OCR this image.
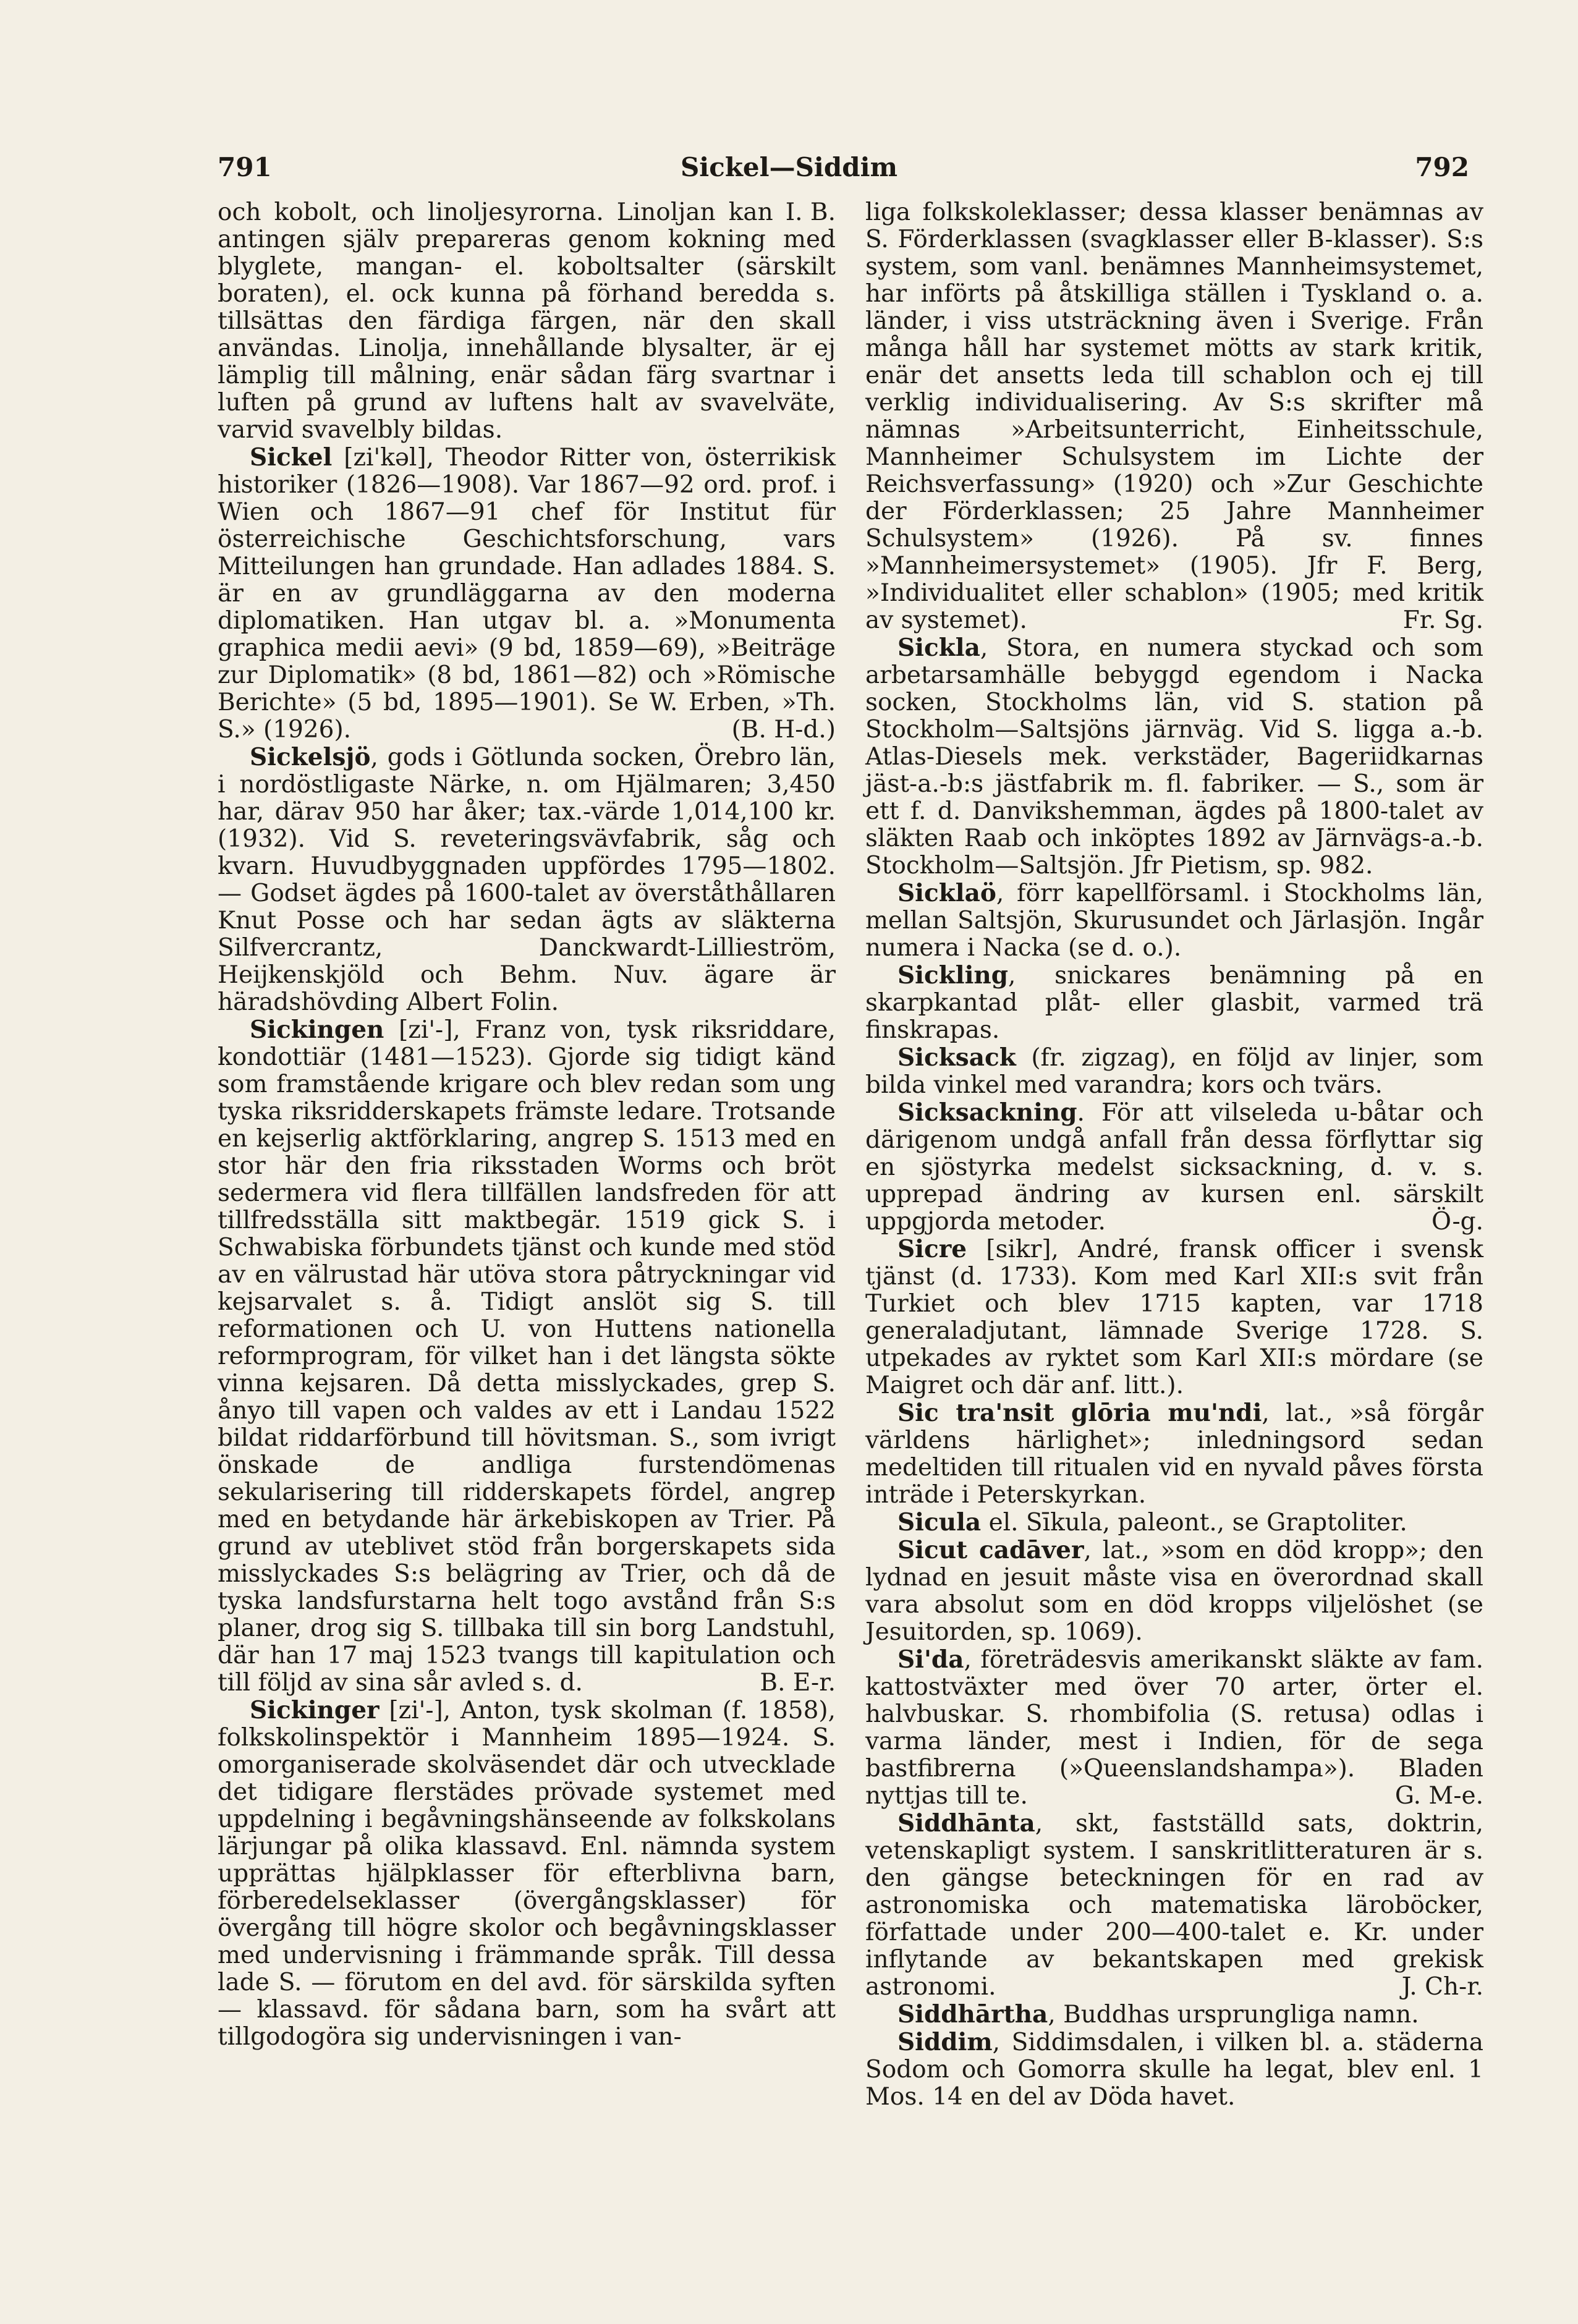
791	Sickel—Siddim	792

I. B.
och kobolt, och linoljesyrorna. Linoljan kan antingen själv prepareras genom kokning med blyglete, mangan- el. koboltsalter (särskilt boraten), el. ock kunna på förhand beredda s. tillsättas den färdiga färgen, när den skall användas. Linolja, innehållande blysalter, är ej lämplig till målning, enär sådan färg svartnar i luften på grund av luftens halt av svavelväte, varvid svavelbly bildas.

Sickel [zi'kəl], Theodor Ritter von, österrikisk historiker (1826—1908). Var 1867—92 ord. prof. i Wien och 1867—91 chef för Institut für österreichische Geschichtsforschung, vars Mitteilungen han grundade. Han adlades 1884. S. är en av grundläggarna av den moderna diplomatiken. Han utgav bl. a. »Monumenta graphica medii aevi» (9 bd, 1859—69), »Beiträge zur Diplomatik» (8 bd, 1861—82) och »Römische Berichte» (5 bd, 1895—1901). Se W. Erben, »Th. S.» (1926).	(B. H-d.)

Sickelsjö, gods i Götlunda socken, Örebro län, i nordöstligaste Närke, n. om Hjälmaren; 3,450 har, därav 950 har åker; tax.-värde 1,014,100 kr. (1932). Vid S. reveteringsvävfabrik, såg och kvarn. Huvudbyggnaden uppfördes 1795—1802. — Godset ägdes på 1600-talet av överståthållaren Knut Posse och har sedan ägts av släkterna Silfvercrantz, Danckwardt-Lillieström, Heijkenskjöld och Behm. Nuv. ägare är häradshövding Albert Folin.

Sickingen [zi'-], Franz von, tysk riksriddare, kondottiär (1481—1523). Gjorde sig tidigt känd som framstående krigare och blev redan som ung tyska riksridderskapets främste ledare. Trotsande en kejserlig aktförklaring, angrep S. 1513 med en stor här den fria riksstaden Worms och bröt sedermera vid flera tillfällen landsfreden för att tillfredsställa sitt maktbegär. 1519 gick S. i Schwabiska förbundets tjänst och kunde med stöd av en välrustad här utöva stora påtryckningar vid kejsarvalet s. å. Tidigt anslöt sig S. till reformationen och U. von Huttens nationella reformprogram, för vilket han i det längsta sökte vinna kejsaren. Då detta misslyckades, grep S. ånyo till vapen och valdes av ett i Landau 1522 bildat riddarförbund till hövitsman. S., som ivrigt önskade de andliga furstendömenas sekularisering till ridderskapets fördel, angrep med en betydande här ärkebiskopen av Trier. På grund av uteblivet stöd från borgerskapets sida misslyckades S:s belägring av Trier, och då de tyska landsfurstarna helt togo avstånd från S:s planer, drog sig S. tillbaka till sin borg Landstuhl, där han 17 maj 1523 tvangs till kapitulation och till följd av sina sår avled s. d.	B. E-r.

Sickinger [zi'-], Anton, tysk skolman (f. 1858), folkskolinspektör i Mannheim 1895—1924. S. omorganiserade skolväsendet där och utvecklade det tidigare flerstädes prövade systemet med uppdelning i begåvningshänseende av folkskolans lärjungar på olika klassavd. Enl. nämnda system upprättas hjälpklasser för efterblivna barn, förberedelseklasser (övergångsklasser) för övergång till högre skolor och begåvningsklasser med undervisning i främmande språk. Till dessa lade S. — förutom en del avd. för särskilda syften — klassavd. för sådana barn, som ha svårt att tillgodogöra sig undervisningen i van-

liga folkskoleklasser; dessa klasser benämnas av S. Förderklassen (svagklasser eller B-klasser). S:s system, som vanl. benämnes Mannheimsystemet, har införts på åtskilliga ställen i Tyskland o. a. länder, i viss utsträckning även i Sverige. Från många håll har systemet mötts av stark kritik, enär det ansetts leda till schablon och ej till verklig individualisering. Av S:s skrifter må nämnas »Arbeitsunterricht, Einheitsschule, Mannheimer Schulsystem im Lichte der Reichsverfassung» (1920) och »Zur Geschichte der Förderklassen; 25 Jahre Mannheimer Schulsystem» (1926). På sv. finnes »Mannheimersystemet» (1905). Jfr F. Berg, »Individualitet eller schablon» (1905; med kritik av systemet).	Fr. Sg.

Sickla, Stora, en numera styckad och som arbetarsamhälle bebyggd egendom i Nacka socken, Stockholms län, vid S. station på Stockholm—Saltsjöns järnväg. Vid S. ligga a.-b. Atlas-Diesels mek. verkstäder, Bageriidkarnas jäst-a.-b:s jästfabrik m. fl. fabriker. — S., som är ett f. d. Danvikshemman, ägdes på 1800-talet av släkten Raab och inköptes 1892 av Järnvägs-a.-b. Stockholm—Saltsjön. Jfr Pietism, sp. 982.

Sicklaö, förr kapellförsaml. i Stockholms län, mellan Saltsjön, Skurusundet och Järlasjön. Ingår numera i Nacka (se d. o.).

Sickling, snickares benämning på en skarpkantad plåt- eller glasbit, varmed trä finskrapas.

Sicksack (fr. zigzag), en följd av linjer, som bilda vinkel med varandra; kors och tvärs.

Sicksackning. För att vilseleda u-båtar och därigenom undgå anfall från dessa förflyttar sig en sjöstyrka medelst sicksackning, d. v. s. upprepad ändring av kursen enl. särskilt uppgjorda metoder.	Ö-g.

Sicre [sikr], André, fransk officer i svensk tjänst (d. 1733). Kom med Karl XII:s svit från Turkiet och blev 1715 kapten, var 1718 generaladjutant, lämnade Sverige 1728. S. utpekades av ryktet som Karl XII:s mördare (se Maigret och där anf. litt.).

Sic tra'nsit glōria mu'ndi, lat., »så förgår världens härlighet»; inledningsord sedan medeltiden till ritualen vid en nyvald påves första inträde i Peterskyrkan.

Sicula el. Sīkula, paleont., se Graptoliter.

Sicut cadāver, lat., »som en död kropp»; den lydnad en jesuit måste visa en överordnad skall vara absolut som en död kropps viljelöshet (se Jesuitorden, sp. 1069).

Si'da, företrädesvis amerikanskt släkte av fam. kattostväxter med över 70 arter, örter el. halvbuskar. S. rhombifolia (S. retusa) odlas i varma länder, mest i Indien, för de sega bastfibrerna (»Queenslandshampa»). Bladen nyttjas till te.	G. M-e.

Siddhānta, skt, fastställd sats, doktrin, vetenskapligt system. I sanskritlitteraturen är s. den gängse beteckningen för en rad av astronomiska och matematiska läroböcker, författade under 200—400-talet e. Kr. under inflytande av bekantskapen med grekisk astronomi.	J. Ch-r.

Siddhārtha, Buddhas ursprungliga namn.

Siddim, Siddimsdalen, i vilken bl. a. städerna Sodom och Gomorra skulle ha legat, blev enl. 1 Mos. 14 en del av Döda havet.
